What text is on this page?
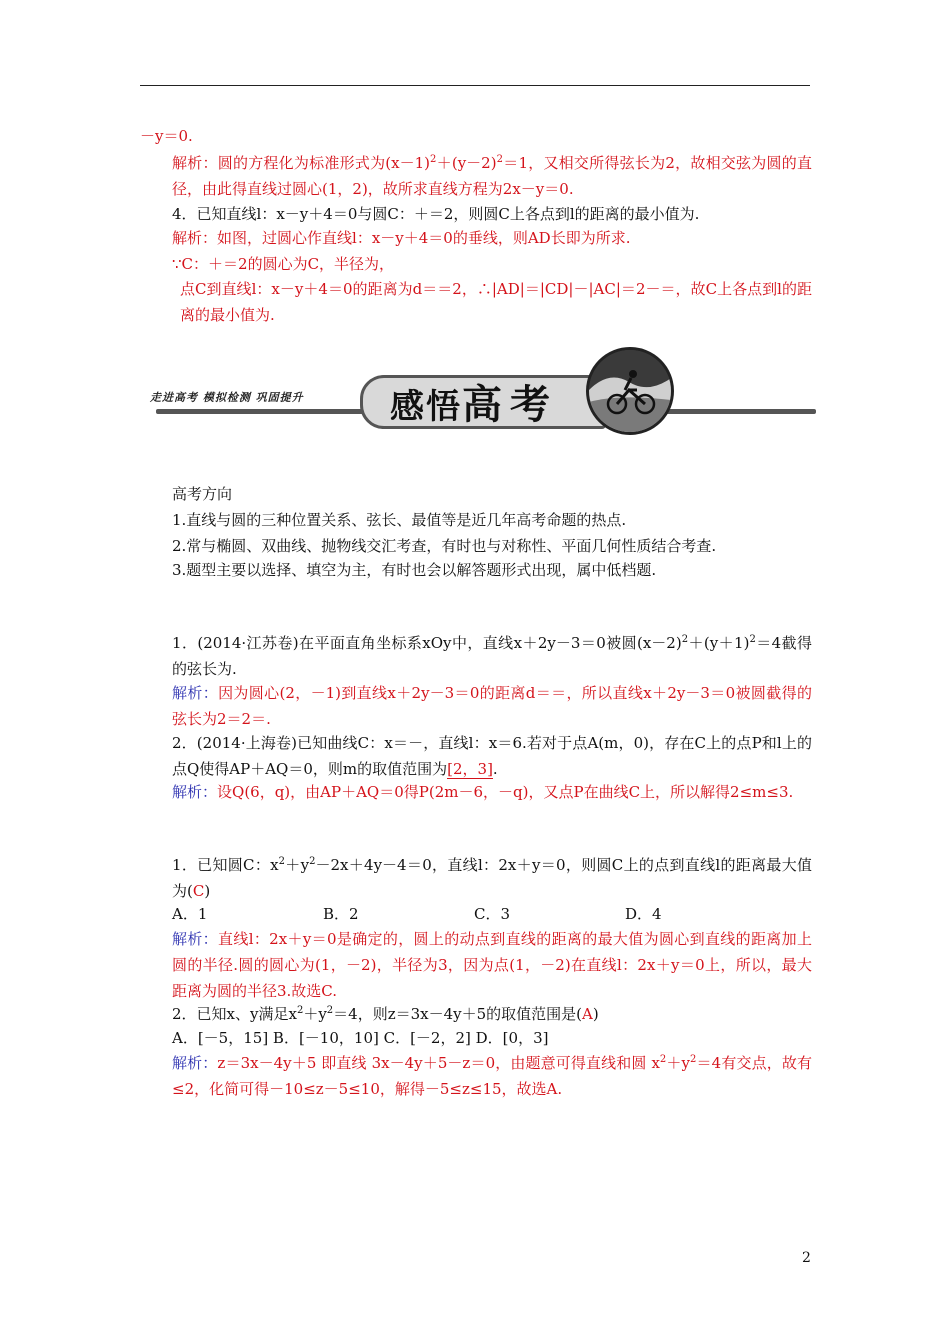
－y＝0.
解析：圆的方程化为标准形式为$(x-1)^2+(y-2)^2=1$，又相交所得弦长为2，故相交弦为圆的直径，由此得直线过圆心(1，2)，故所求直线方程为2x－y＝0.
4．已知直线l：x－y＋4＝0与圆C：＋＝2，则圆C上各点到l的距离的最小值为.
解析：如图，过圆心作直线l：x－y＋4＝0的垂线，则AD长即为所求.
∵C：＋＝2的圆心为C，半径为，
点C到直线l：x－y＋4＝0的距离为d＝＝2，∴|AD|＝|CD|－|AC|＝2－＝，故C上各点到l的距离的最小值为.
走进高考 模拟检测 巩固提升	感悟高考
高考方向
1.直线与圆的三种位置关系、弦长、最值等是近几年高考命题的热点.
2.常与椭圆、双曲线、抛物线交汇考查，有时也与对称性、平面几何性质结合考查.
3.题型主要以选择、填空为主，有时也会以解答题形式出现，属中低档题.
1．(2014·江苏卷)在平面直角坐标系xOy中，直线x＋2y－3＝0被圆$(x-2)^2+(y+1)^2=4$截得的弦长为.
解析：因为圆心(2，－1)到直线x＋2y－3＝0的距离d＝＝，所以直线x＋2y－3＝0被圆截得的弦长为2＝2＝.
2．(2014·上海卷)已知曲线C：x＝－，直线l：x＝6.若对于点A(m，0)，存在C上的点P和l上的点Q使得AP＋AQ＝0，则m的取值范围为[2，3].
解析：设Q(6，q)，由AP＋AQ＝0得P(2m－6，－q)，又点P在曲线C上，所以解得2≤m≤3.
1．已知圆C：$x^2+y^2-2x+4y-4=0$，直线l：2x＋y＝0，则圆C上的点到直线l的距离最大值为(C)
A．1	B．2	C．3	D．4
解析：直线l：2x＋y＝0是确定的，圆上的动点到直线的距离的最大值为圆心到直线的距离加上圆的半径.圆的圆心为(1，－2)，半径为3，因为点(1，－2)在直线l：2x＋y＝0上，所以，最大距离为圆的半径3.故选C.
2．已知x、y满足$x^2+y^2=4$，则z＝3x－4y＋5的取值范围是(A)
A．[－5，15] B．[－10，10] C．[－2，2] D．[0，3]
解析：z＝3x－4y＋5 即直线 3x－4y＋5－z＝0，由题意可得直线和圆 $x^2+y^2=4$有交点，故有≤2，化简可得－10≤z－5≤10，解得－5≤z≤15，故选A.
2
